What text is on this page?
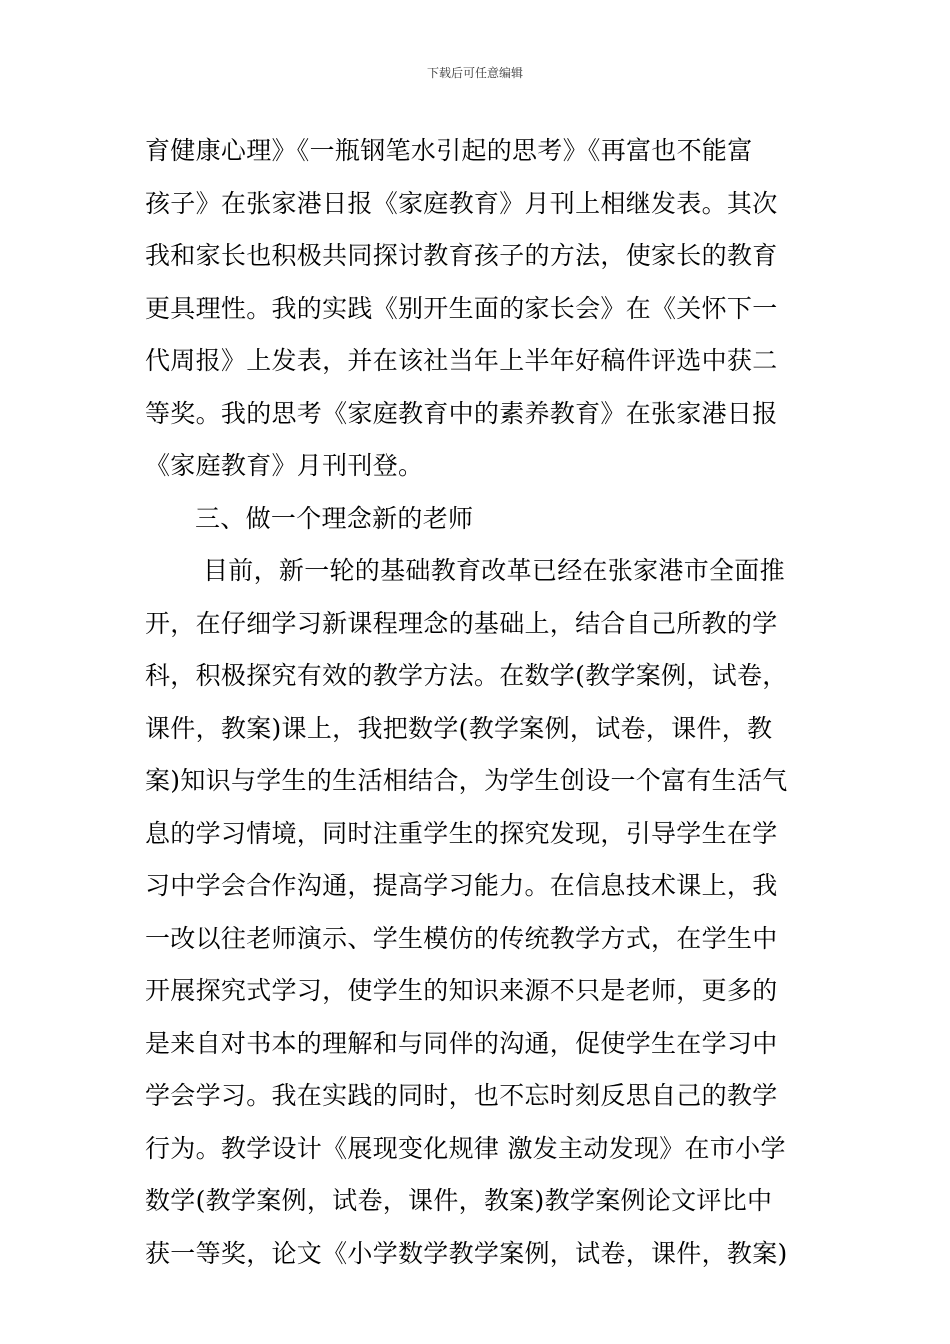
下载后可任意编辑
育健康心理》《一瓶钢笔水引起的思考》《再富也不能富
孩子》在张家港日报《家庭教育》月刊上相继发表。其次
我和家长也积极共同探讨教育孩子的方法，使家长的教育
更具理性。我的实践《别开生面的家长会》在《关怀下一
代周报》上发表，并在该社当年上半年好稿件评选中获二
等奖。我的思考《家庭教育中的素养教育》在张家港日报
《家庭教育》月刊刊登。
三、做一个理念新的老师
目前，新一轮的基础教育改革已经在张家港市全面推
开，在仔细学习新课程理念的基础上，结合自己所教的学
科，积极探究有效的教学方法。在数学(教学案例，试卷，
课件，教案)课上，我把数学(教学案例，试卷，课件，教
案)知识与学生的生活相结合，为学生创设一个富有生活气
息的学习情境，同时注重学生的探究发现，引导学生在学
习中学会合作沟通，提高学习能力。在信息技术课上，我
一改以往老师演示、学生模仿的传统教学方式，在学生中
开展探究式学习，使学生的知识来源不只是老师，更多的
是来自对书本的理解和与同伴的沟通，促使学生在学习中
学会学习。我在实践的同时，也不忘时刻反思自己的教学
行为。教学设计《展现变化规律 激发主动发现》在市小学
数学(教学案例，试卷，课件，教案)教学案例论文评比中
获一等奖，论文《小学数学教学案例，试卷，课件，教案)
